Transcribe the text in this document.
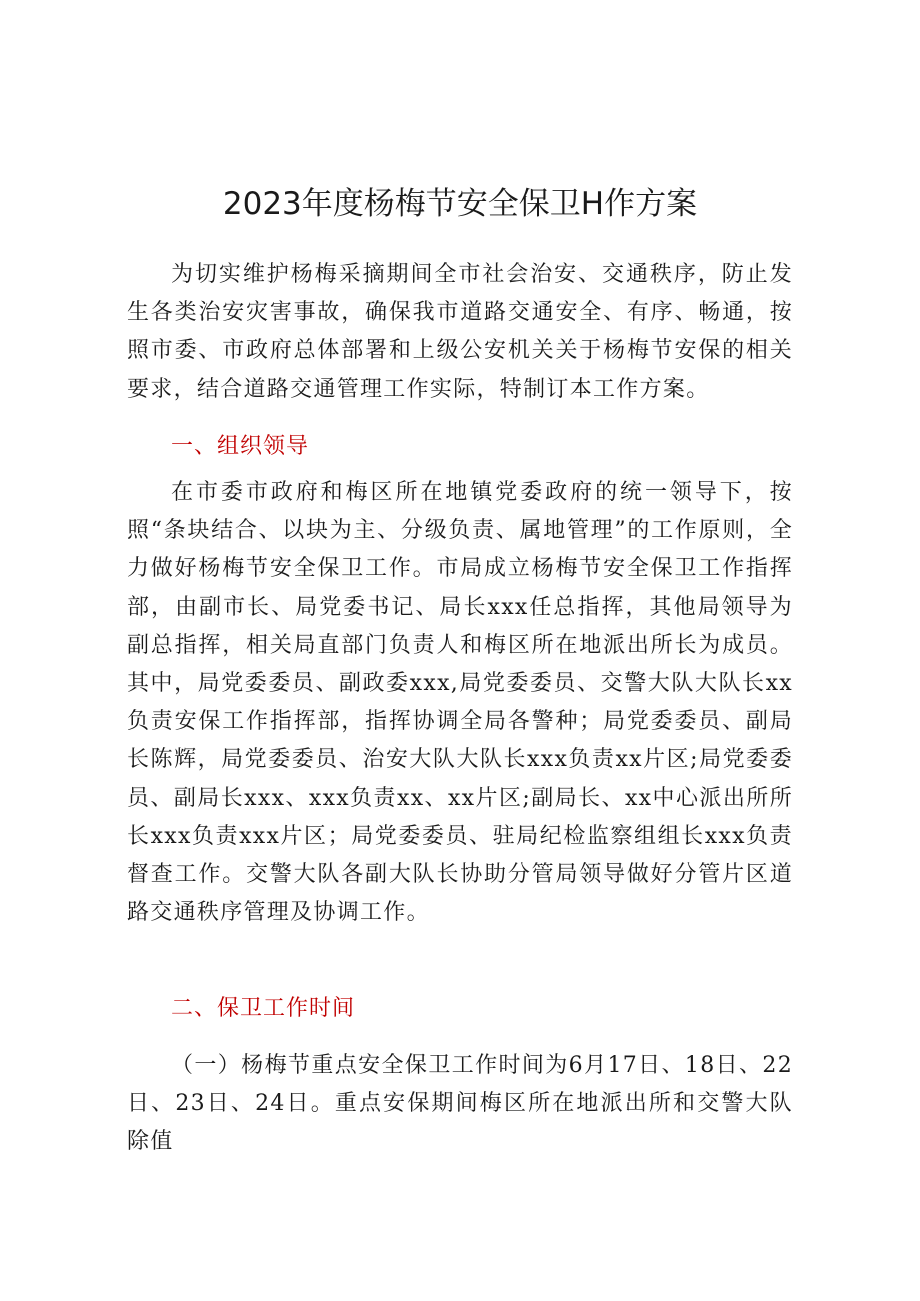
2023年度杨梅节安全保卫H作方案

为切实维护杨梅采摘期间全市社会治安、交通秩序，防止发生各类治安灾害事故，确保我市道路交通安全、有序、畅通，按照市委、市政府总体部署和上级公安机关关于杨梅节安保的相关要求，结合道路交通管理工作实际，特制订本工作方案。

一、组织领导

在市委市政府和梅区所在地镇党委政府的统一领导下，按照“条块结合、以块为主、分级负责、属地管理”的工作原则，全力做好杨梅节安全保卫工作。市局成立杨梅节安全保卫工作指挥部，由副市长、局党委书记、局长xxx任总指挥，其他局领导为副总指挥，相关局直部门负责人和梅区所在地派出所长为成员。其中，局党委委员、副政委xxx,局党委委员、交警大队大队长xx负责安保工作指挥部，指挥协调全局各警种；局党委委员、副局长陈辉，局党委委员、治安大队大队长xxx负责xx片区;局党委委员、副局长xxx、xxx负责xx、xx片区;副局长、xx中心派出所所长xxx负责xxx片区；局党委委员、驻局纪检监察组组长xxx负责督查工作。交警大队各副大队长协助分管局领导做好分管片区道路交通秩序管理及协调工作。

二、保卫工作时间

（一）杨梅节重点安全保卫工作时间为6月17日、18日、22日、23日、24日。重点安保期间梅区所在地派出所和交警大队除值
